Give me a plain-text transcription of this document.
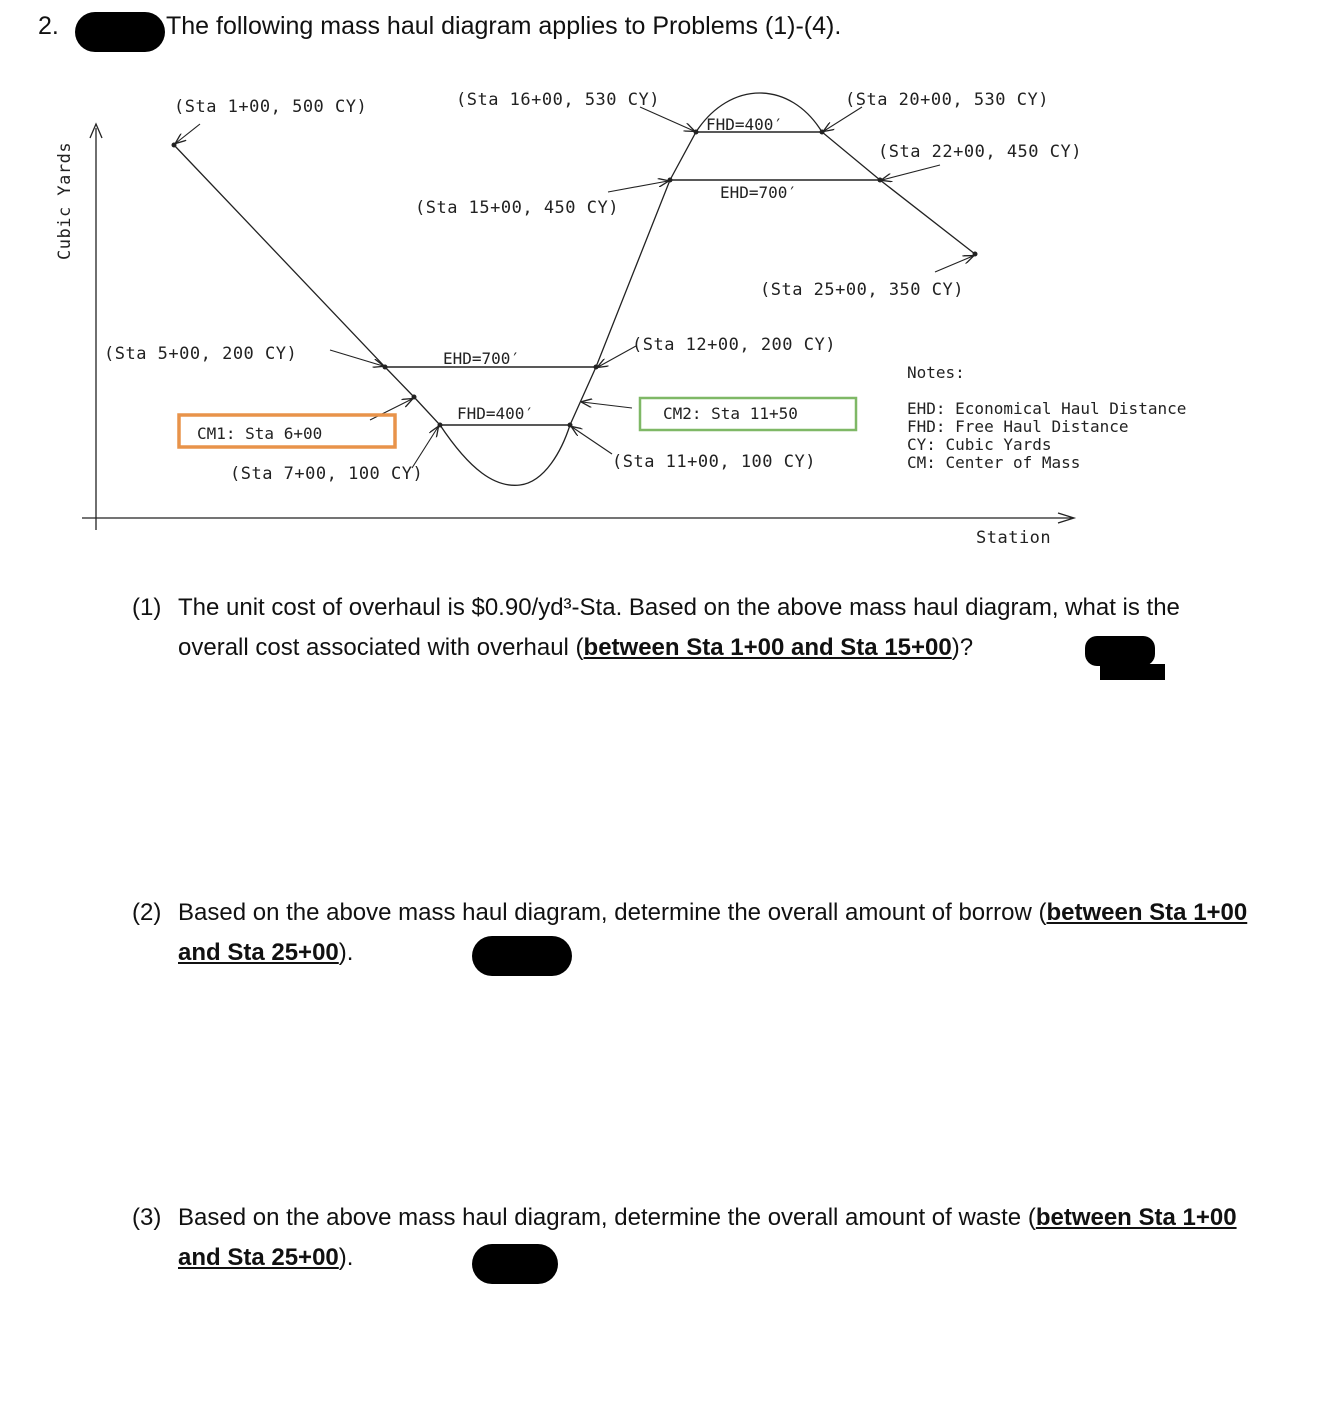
2.	The following mass haul diagram applies to Problems (1)-(4).
Cubic Yards
Station
(Sta 1+00, 500 CY)
(Sta 5+00, 200 CY)
(Sta 7+00, 100 CY)
(Sta 11+00, 100 CY)
(Sta 12+00, 200 CY)
(Sta 15+00, 450 CY)
(Sta 16+00, 530 CY)	(Sta 20+00, 530 CY)
(Sta 22+00, 450 CY)
(Sta 25+00, 350 CY)
EHD=700′
FHD=400′
FHD=400′
EHD=700′
CM1: Sta 6+00
CM2: Sta 11+50
Notes:
EHD: Economical Haul Distance
FHD: Free Haul Distance
CY: Cubic Yards
CM: Center of Mass
(1) The unit cost of overhaul is $0.90/yd³-Sta. Based on the above mass haul diagram, what is the overall cost associated with overhaul (between Sta 1+00 and Sta 15+00)?
(2) Based on the above mass haul diagram, determine the overall amount of borrow (between Sta 1+00 and Sta 25+00).
(3) Based on the above mass haul diagram, determine the overall amount of waste (between Sta 1+00 and Sta 25+00).
